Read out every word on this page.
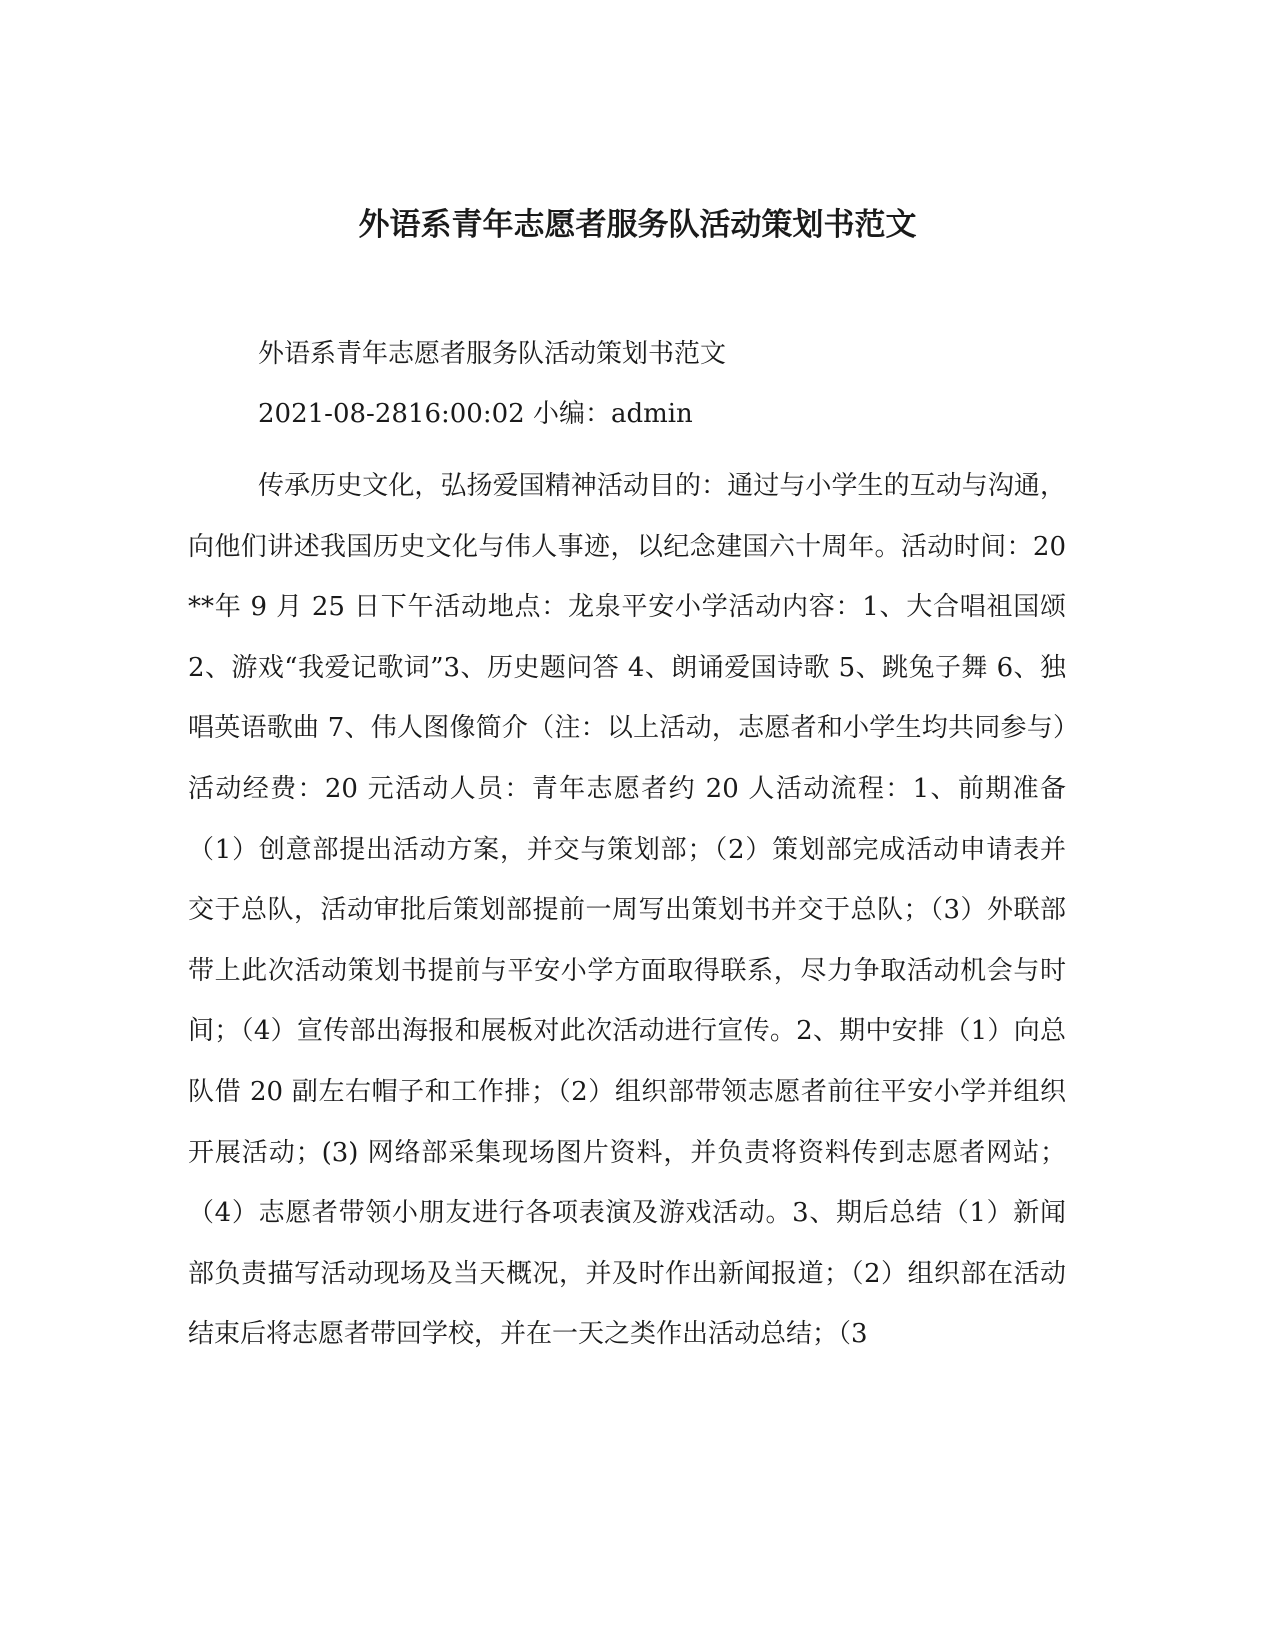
外语系青年志愿者服务队活动策划书范文

外语系青年志愿者服务队活动策划书范文

2021-08-2816:00:02 小编：admin

传承历史文化，弘扬爱国精神活动目的：通过与小学生的互动与沟通，向他们讲述我国历史文化与伟人事迹，以纪念建国六十周年。活动时间：20**年 9 月 25 日下午活动地点：龙泉平安小学活动内容：1、大合唱祖国颂 2、游戏“我爱记歌词”3、历史题问答 4、朗诵爱国诗歌 5、跳兔子舞 6、独唱英语歌曲 7、伟人图像简介（注：以上活动，志愿者和小学生均共同参与）活动经费：20 元活动人员：青年志愿者约 20 人活动流程：1、前期准备（1）创意部提出活动方案，并交与策划部；（2）策划部完成活动申请表并交于总队，活动审批后策划部提前一周写出策划书并交于总队；（3）外联部带上此次活动策划书提前与平安小学方面取得联系，尽力争取活动机会与时间；（4）宣传部出海报和展板对此次活动进行宣传。2、期中安排（1）向总队借 20 副左右帽子和工作排；（2）组织部带领志愿者前往平安小学并组织开展活动；(3) 网络部采集现场图片资料，并负责将资料传到志愿者网站；（4）志愿者带领小朋友进行各项表演及游戏活动。3、期后总结（1）新闻部负责描写活动现场及当天概况，并及时作出新闻报道；（2）组织部在活动结束后将志愿者带回学校，并在一天之类作出活动总结；（3
